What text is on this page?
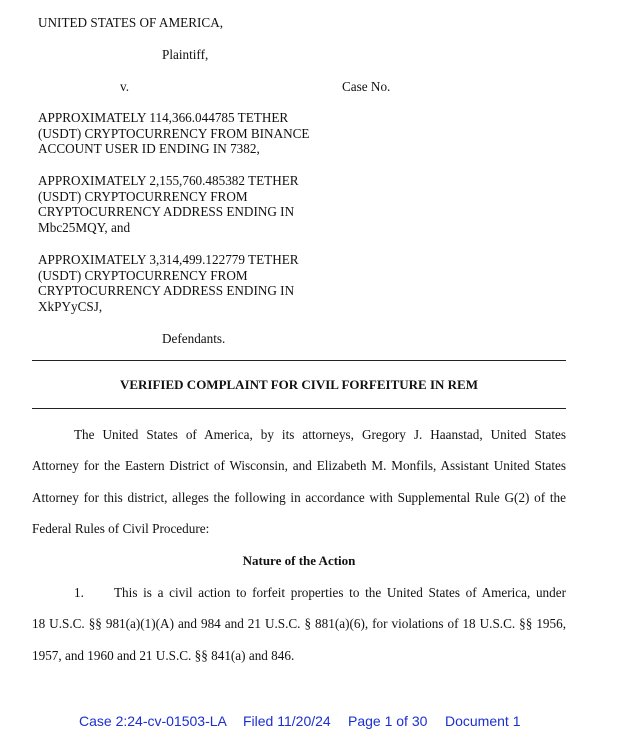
UNITED STATES OF AMERICA,
Plaintiff,
v.	Case No.
APPROXIMATELY 114,366.044785 TETHER
(USDT) CRYPTOCURRENCY FROM BINANCE
ACCOUNT USER ID ENDING IN 7382,
APPROXIMATELY 2,155,760.485382 TETHER
(USDT) CRYPTOCURRENCY FROM
CRYPTOCURRENCY ADDRESS ENDING IN
Mbc25MQY, and
APPROXIMATELY 3,314,499.122779 TETHER
(USDT) CRYPTOCURRENCY FROM
CRYPTOCURRENCY ADDRESS ENDING IN
XkPYyCSJ,
Defendants.
VERIFIED COMPLAINT FOR CIVIL FORFEITURE IN REM
The United States of America, by its attorneys, Gregory J. Haanstad, United States
Attorney for the Eastern District of Wisconsin, and Elizabeth M. Monfils, Assistant United States
Attorney for this district, alleges the following in accordance with Supplemental Rule G(2) of the
Federal Rules of Civil Procedure:
Nature of the Action
1. This is a civil action to forfeit properties to the United States of America, under
18 U.S.C. §§ 981(a)(1)(A) and 984 and 21 U.S.C. § 881(a)(6), for violations of 18 U.S.C. §§ 1956,
1957, and 1960 and 21 U.S.C. §§ 841(a) and 846.
Case 2:24-cv-01503-LA Filed 11/20/24 Page 1 of 30 Document 1
